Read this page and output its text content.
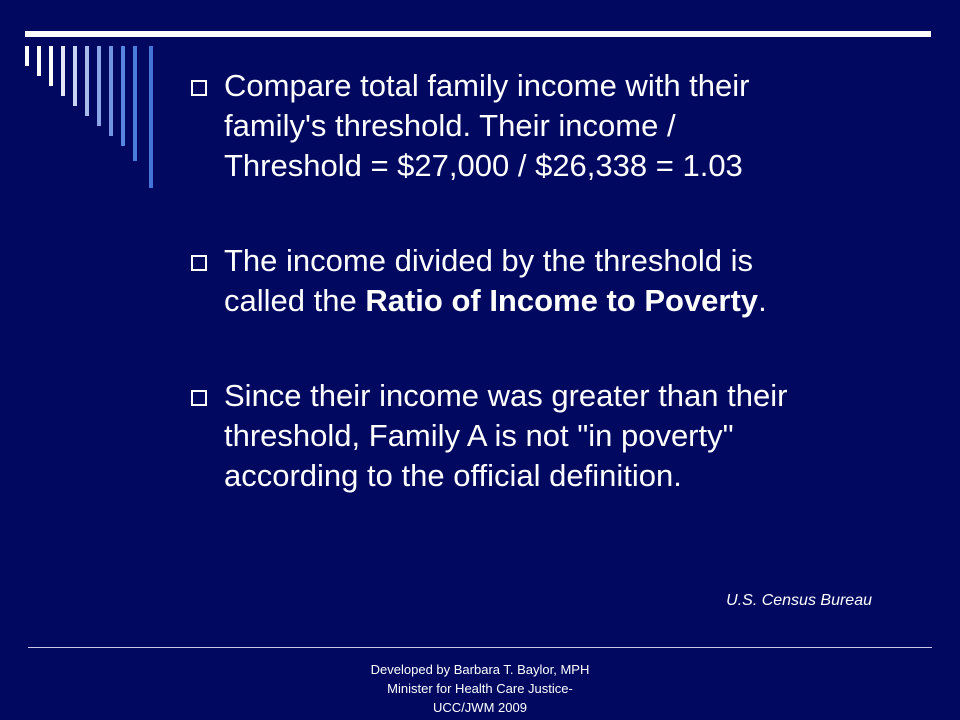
Compare total family income with their
family's threshold. Their income /
Threshold = $27,000 / $26,338 = 1.03
The income divided by the threshold is
called the Ratio of Income to Poverty.
Since their income was greater than their
threshold, Family A is not "in poverty"
according to the official definition.
U.S. Census Bureau
Developed by Barbara T. Baylor, MPH
Minister for Health Care Justice-
UCC/JWM 2009
